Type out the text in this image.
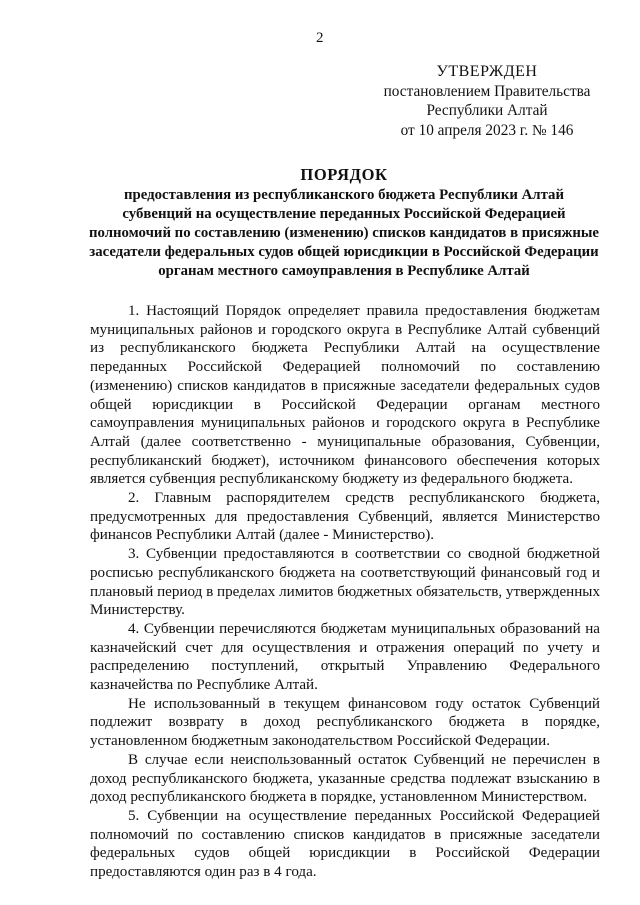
2
УТВЕРЖДЕН
постановлением Правительства
Республики Алтай
от 10 апреля 2023 г. № 146
ПОРЯДОК
предоставления из республиканского бюджета Республики Алтай субвенций на осуществление переданных Российской Федерацией полномочий по составлению (изменению) списков кандидатов в присяжные заседатели федеральных судов общей юрисдикции в Российской Федерации органам местного самоуправления в Республике Алтай

1. Настоящий Порядок определяет правила предоставления бюджетам муниципальных районов и городского округа в Республике Алтай субвенций из республиканского бюджета Республики Алтай на осуществление переданных Российской Федерацией полномочий по составлению (изменению) списков кандидатов в присяжные заседатели федеральных судов общей юрисдикции в Российской Федерации органам местного самоуправления муниципальных районов и городского округа в Республике Алтай (далее соответственно - муниципальные образования, Субвенции, республиканский бюджет), источником финансового обеспечения которых является субвенция республиканскому бюджету из федерального бюджета.

2. Главным распорядителем средств республиканского бюджета, предусмотренных для предоставления Субвенций, является Министерство финансов Республики Алтай (далее - Министерство).

3. Субвенции предоставляются в соответствии со сводной бюджетной росписью республиканского бюджета на соответствующий финансовый год и плановый период в пределах лимитов бюджетных обязательств, утвержденных Министерству.

4. Субвенции перечисляются бюджетам муниципальных образований на казначейский счет для осуществления и отражения операций по учету и распределению поступлений, открытый Управлению Федерального казначейства по Республике Алтай.

Не использованный в текущем финансовом году остаток Субвенций подлежит возврату в доход республиканского бюджета в порядке, установленном бюджетным законодательством Российской Федерации.

В случае если неиспользованный остаток Субвенций не перечислен в доход республиканского бюджета, указанные средства подлежат взысканию в доход республиканского бюджета в порядке, установленном Министерством.

5. Субвенции на осуществление переданных Российской Федерацией полномочий по составлению списков кандидатов в присяжные заседатели федеральных судов общей юрисдикции в Российской Федерации предоставляются один раз в 4 года.
